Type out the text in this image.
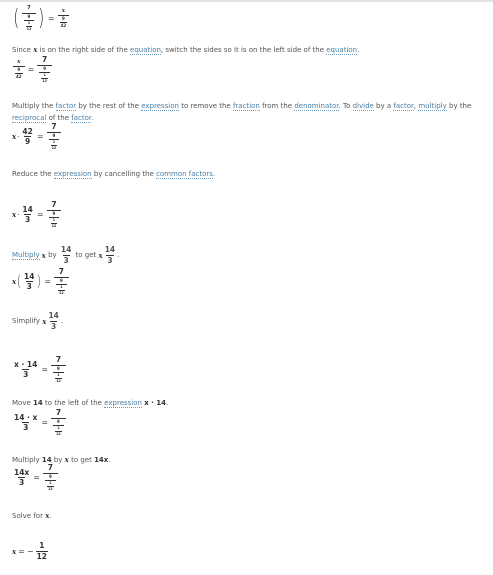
( $\frac{7}{\frac{9}{\frac{1}{12}}}$ ) = $\frac{x}{\frac{9}{42}}$
Since x is on the right side of the equation, switch the sides so it is on the left side of the equation.
$\frac{x}{\frac{9}{42}} = \frac{7}{\frac{9}{\frac{1}{12}}}$
Multiply the factor by the rest of the expression to remove the fraction from the denominator. To divide by a factor, multiply by the
reciprocal of the factor.
$x \cdot \frac{42}{9} = \frac{7}{\frac{9}{\frac{1}{12}}}$
Reduce the expression by cancelling the common factors.
$x \cdot \frac{14}{3} = \frac{7}{\frac{9}{\frac{1}{12}}}$
Multiply x by $\frac{14}{3}$ to get x $\frac{14}{3}$ .
x ( $\frac{14}{3}$ ) = $\frac{7}{\frac{9}{\frac{1}{12}}}$
Simplify x $\frac{14}{3}$ .
$\frac{x \cdot 14}{3} = \frac{7}{\frac{9}{\frac{1}{12}}}$
Move 14 to the left of the expression x · 14.
$\frac{14 \cdot x}{3} = \frac{7}{\frac{9}{\frac{1}{12}}}$
Multiply 14 by x to get 14x.
$\frac{14x}{3} = \frac{7}{\frac{9}{\frac{1}{12}}}$
Solve for x.
x = − $\frac{1}{12}$
